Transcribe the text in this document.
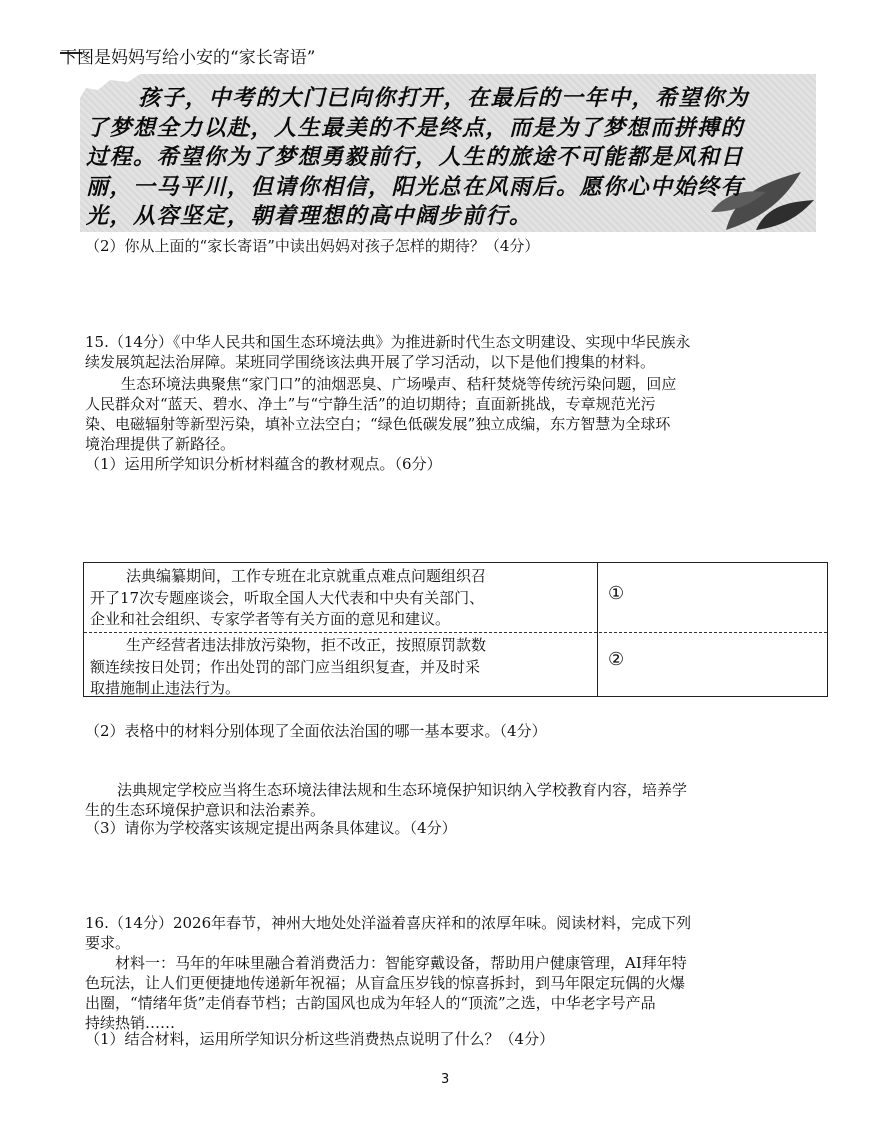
下图是妈妈写给小安的“家长寄语”
孩子，中考的大门已向你打开，在最后的一年中，希望你为
了梦想全力以赴，人生最美的不是终点，而是为了梦想而拼搏的
过程。希望你为了梦想勇毅前行，人生的旅途不可能都是风和日
丽，一马平川，但请你相信，阳光总在风雨后。愿你心中始终有
光，从容坚定，朝着理想的高中阔步前行。
（2）你从上面的“家长寄语”中读出妈妈对孩子怎样的期待？（4分）
15.（14分）《中华人民共和国生态环境法典》为推进新时代生态文明建设、实现中华民族永
续发展筑起法治屏障。某班同学围绕该法典开展了学习活动，以下是他们搜集的材料。
生态环境法典聚焦“家门口”的油烟恶臭、广场噪声、秸秆焚烧等传统污染问题，回应
人民群众对“蓝天、碧水、净土”与“宁静生活”的迫切期待；直面新挑战，专章规范光污
染、电磁辐射等新型污染，填补立法空白；“绿色低碳发展”独立成编，东方智慧为全球环
境治理提供了新路径。
（1）运用所学知识分析材料蕴含的教材观点。（6分）
法典编纂期间，工作专班在北京就重点难点问题组织召
开了17次专题座谈会，听取全国人大代表和中央有关部门、
企业和社会组织、专家学者等有关方面的意见和建议。
①
生产经营者违法排放污染物，拒不改正，按照原罚款数
额连续按日处罚；作出处罚的部门应当组织复查，并及时采
取措施制止违法行为。
②
（2）表格中的材料分别体现了全面依法治国的哪一基本要求。（4分）
法典规定学校应当将生态环境法律法规和生态环境保护知识纳入学校教育内容，培养学
生的生态环境保护意识和法治素养。
（3）请你为学校落实该规定提出两条具体建议。（4分）
16.（14分）2026年春节，神州大地处处洋溢着喜庆祥和的浓厚年味。阅读材料，完成下列
要求。
材料一：马年的年味里融合着消费活力：智能穿戴设备，帮助用户健康管理，AI拜年特
色玩法，让人们更便捷地传递新年祝福；从盲盒压岁钱的惊喜拆封，到马年限定玩偶的火爆
出圈，“情绪年货”走俏春节档；古韵国风也成为年轻人的“顶流”之选，中华老字号产品
持续热销……
（1）结合材料，运用所学知识分析这些消费热点说明了什么？（4分）
3
